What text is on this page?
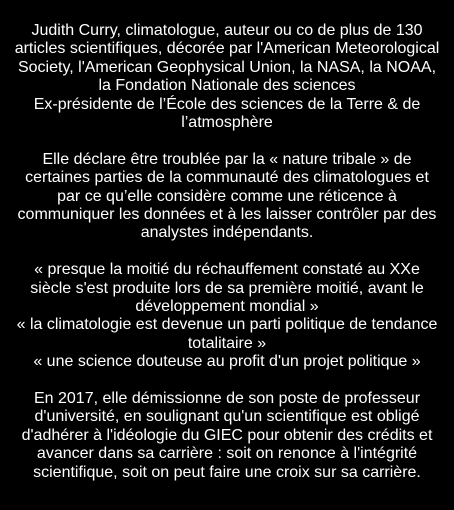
Judith Curry, climatologue, auteur ou co de plus de 130
articles scientifiques, décorée par l'American Meteorological
Society, l'American Geophysical Union, la NASA, la NOAA,
la Fondation Nationale des sciences
Ex-présidente de l’École des sciences de la Terre & de
l’atmosphère

Elle déclare être troublée par la « nature tribale » de
certaines parties de la communauté des climatologues et
par ce qu’elle considère comme une réticence à
communiquer les données et à les laisser contrôler par des
analystes indépendants.

« presque la moitié du réchauffement constaté au XXe
siècle s'est produite lors de sa première moitié, avant le
développement mondial »
« la climatologie est devenue un parti politique de tendance
totalitaire »
« une science douteuse au profit d'un projet politique »

En 2017, elle démissionne de son poste de professeur
d'université, en soulignant qu'un scientifique est obligé
d'adhérer à l'idéologie du GIEC pour obtenir des crédits et
avancer dans sa carrière : soit on renonce à l'intégrité
scientifique, soit on peut faire une croix sur sa carrière.
